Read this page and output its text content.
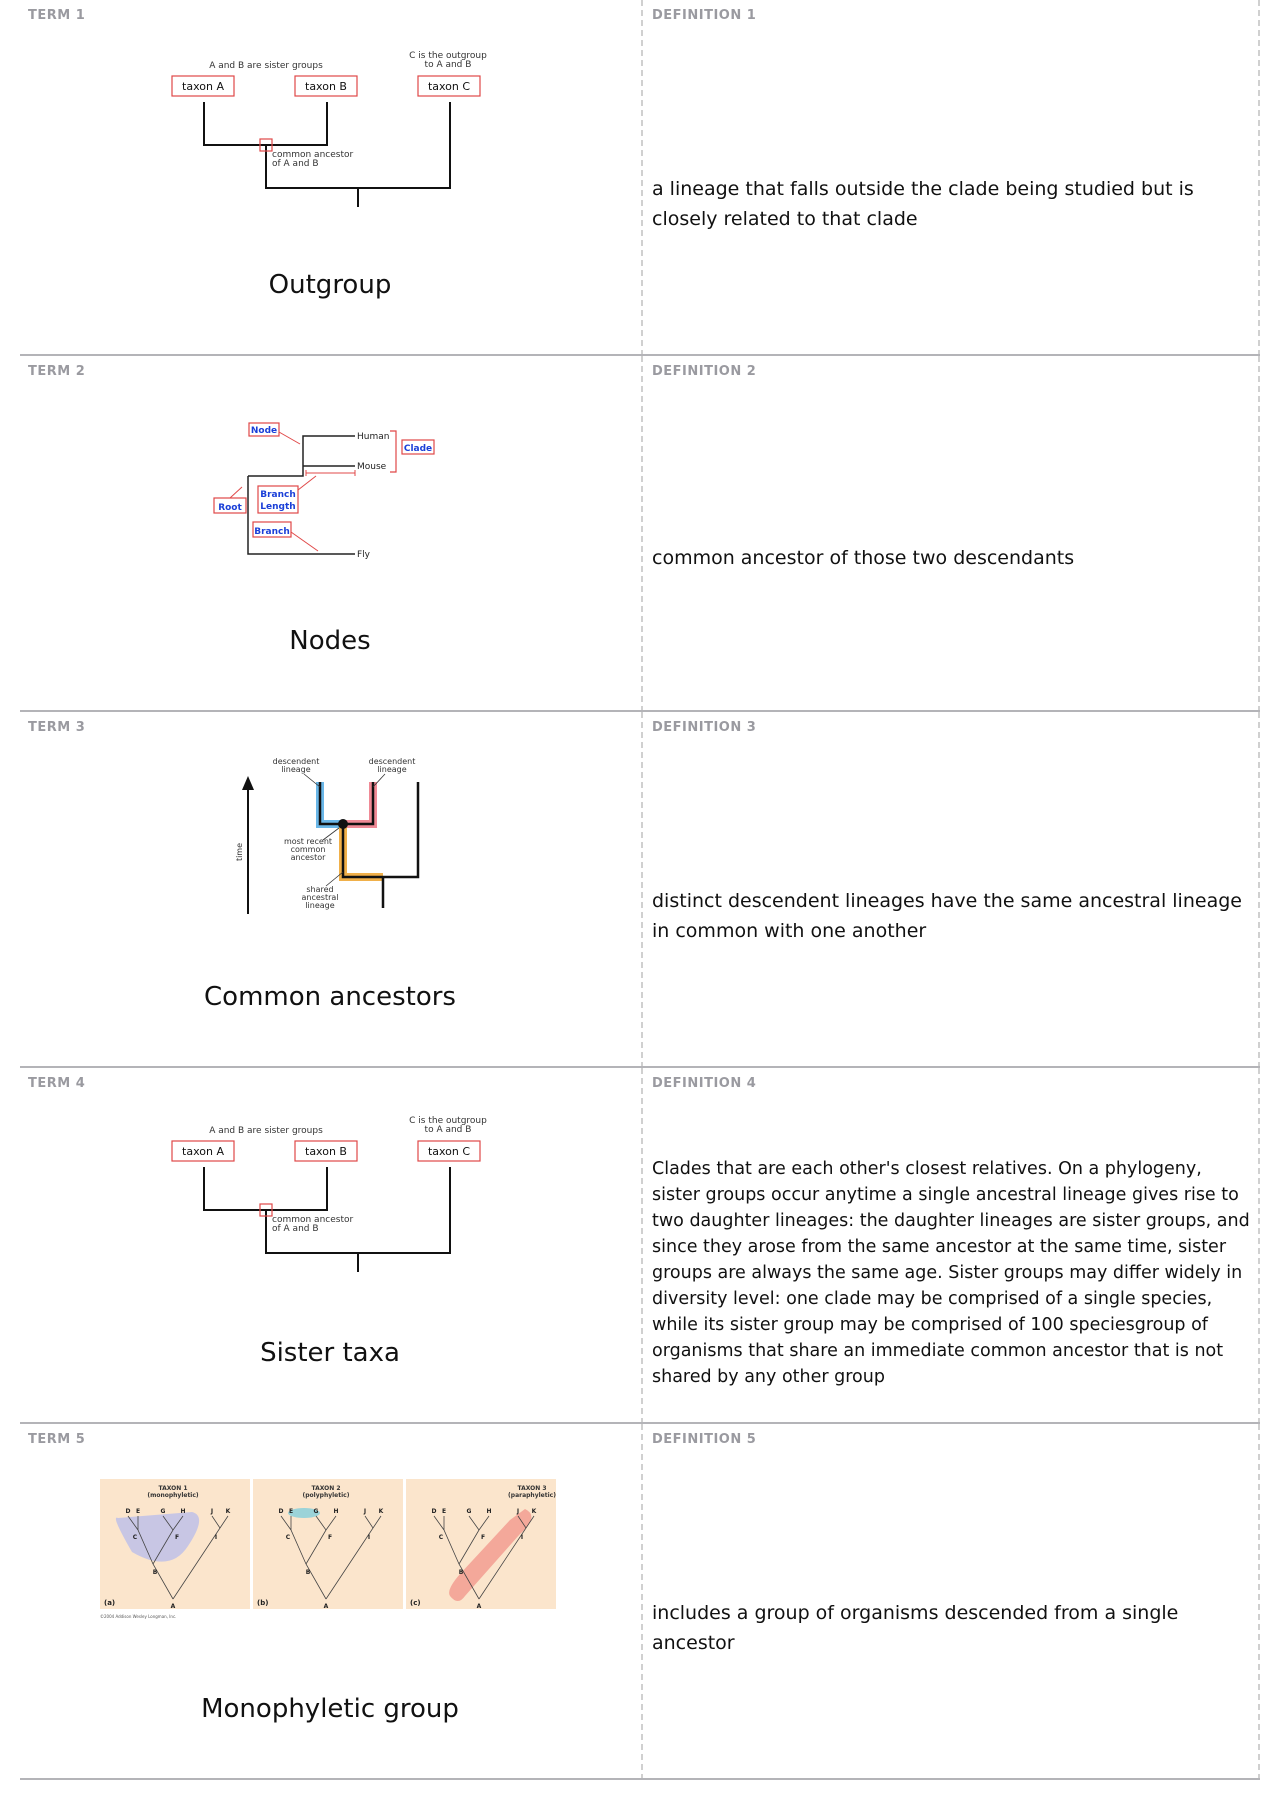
TERM 1	DEFINITION 1
A and B are sister groups
C is the outgroup
to A and B
taxon A	taxon B	taxon C
common ancestor
of A and B
Outgroup
a lineage that falls outside the clade being studied but is closely related to that clade
TERM 2	DEFINITION 2
Node
Human
Mouse
Fly
Clade
Branch
Length
Root
Branch
Nodes
common ancestor of those two descendants
TERM 3	DEFINITION 3
time
descendent
lineage
descendent
lineage
most recent
common
ancestor
shared
ancestral
lineage
Common ancestors
distinct descendent lineages have the same ancestral lineage in common with one another
TERM 4	DEFINITION 4
A and B are sister groups
C is the outgroup
to A and B
taxon A	taxon B	taxon C
common ancestor
of A and B
Sister taxa
Clades that are each other's closest relatives. On a phylogeny, sister groups occur anytime a single ancestral lineage gives rise to two daughter lineages: the daughter lineages are sister groups, and since they arose from the same ancestor at the same time, sister groups are always the same age. Sister groups may differ widely in diversity level: one clade may be comprised of a single species, while its sister group may be comprised of 100 speciesgroup of organisms that share an immediate common ancestor that is not shared by any other group
TERM 5	DEFINITION 5
TAXON 1
(monophyletic)
TAXON 2
(polyphyletic)
TAXON 3
(paraphyletic)
D E	G	H	J K
C	F	I
B
A
D E	G	H	J K
C	F	I
B
A
D E	G	H	J K
C	F	I
B
A
(a)	(b)	(c)
©2004 Addison Wesley Longman, Inc.
Monophyletic group
includes a group of organisms descended from a single ancestor
